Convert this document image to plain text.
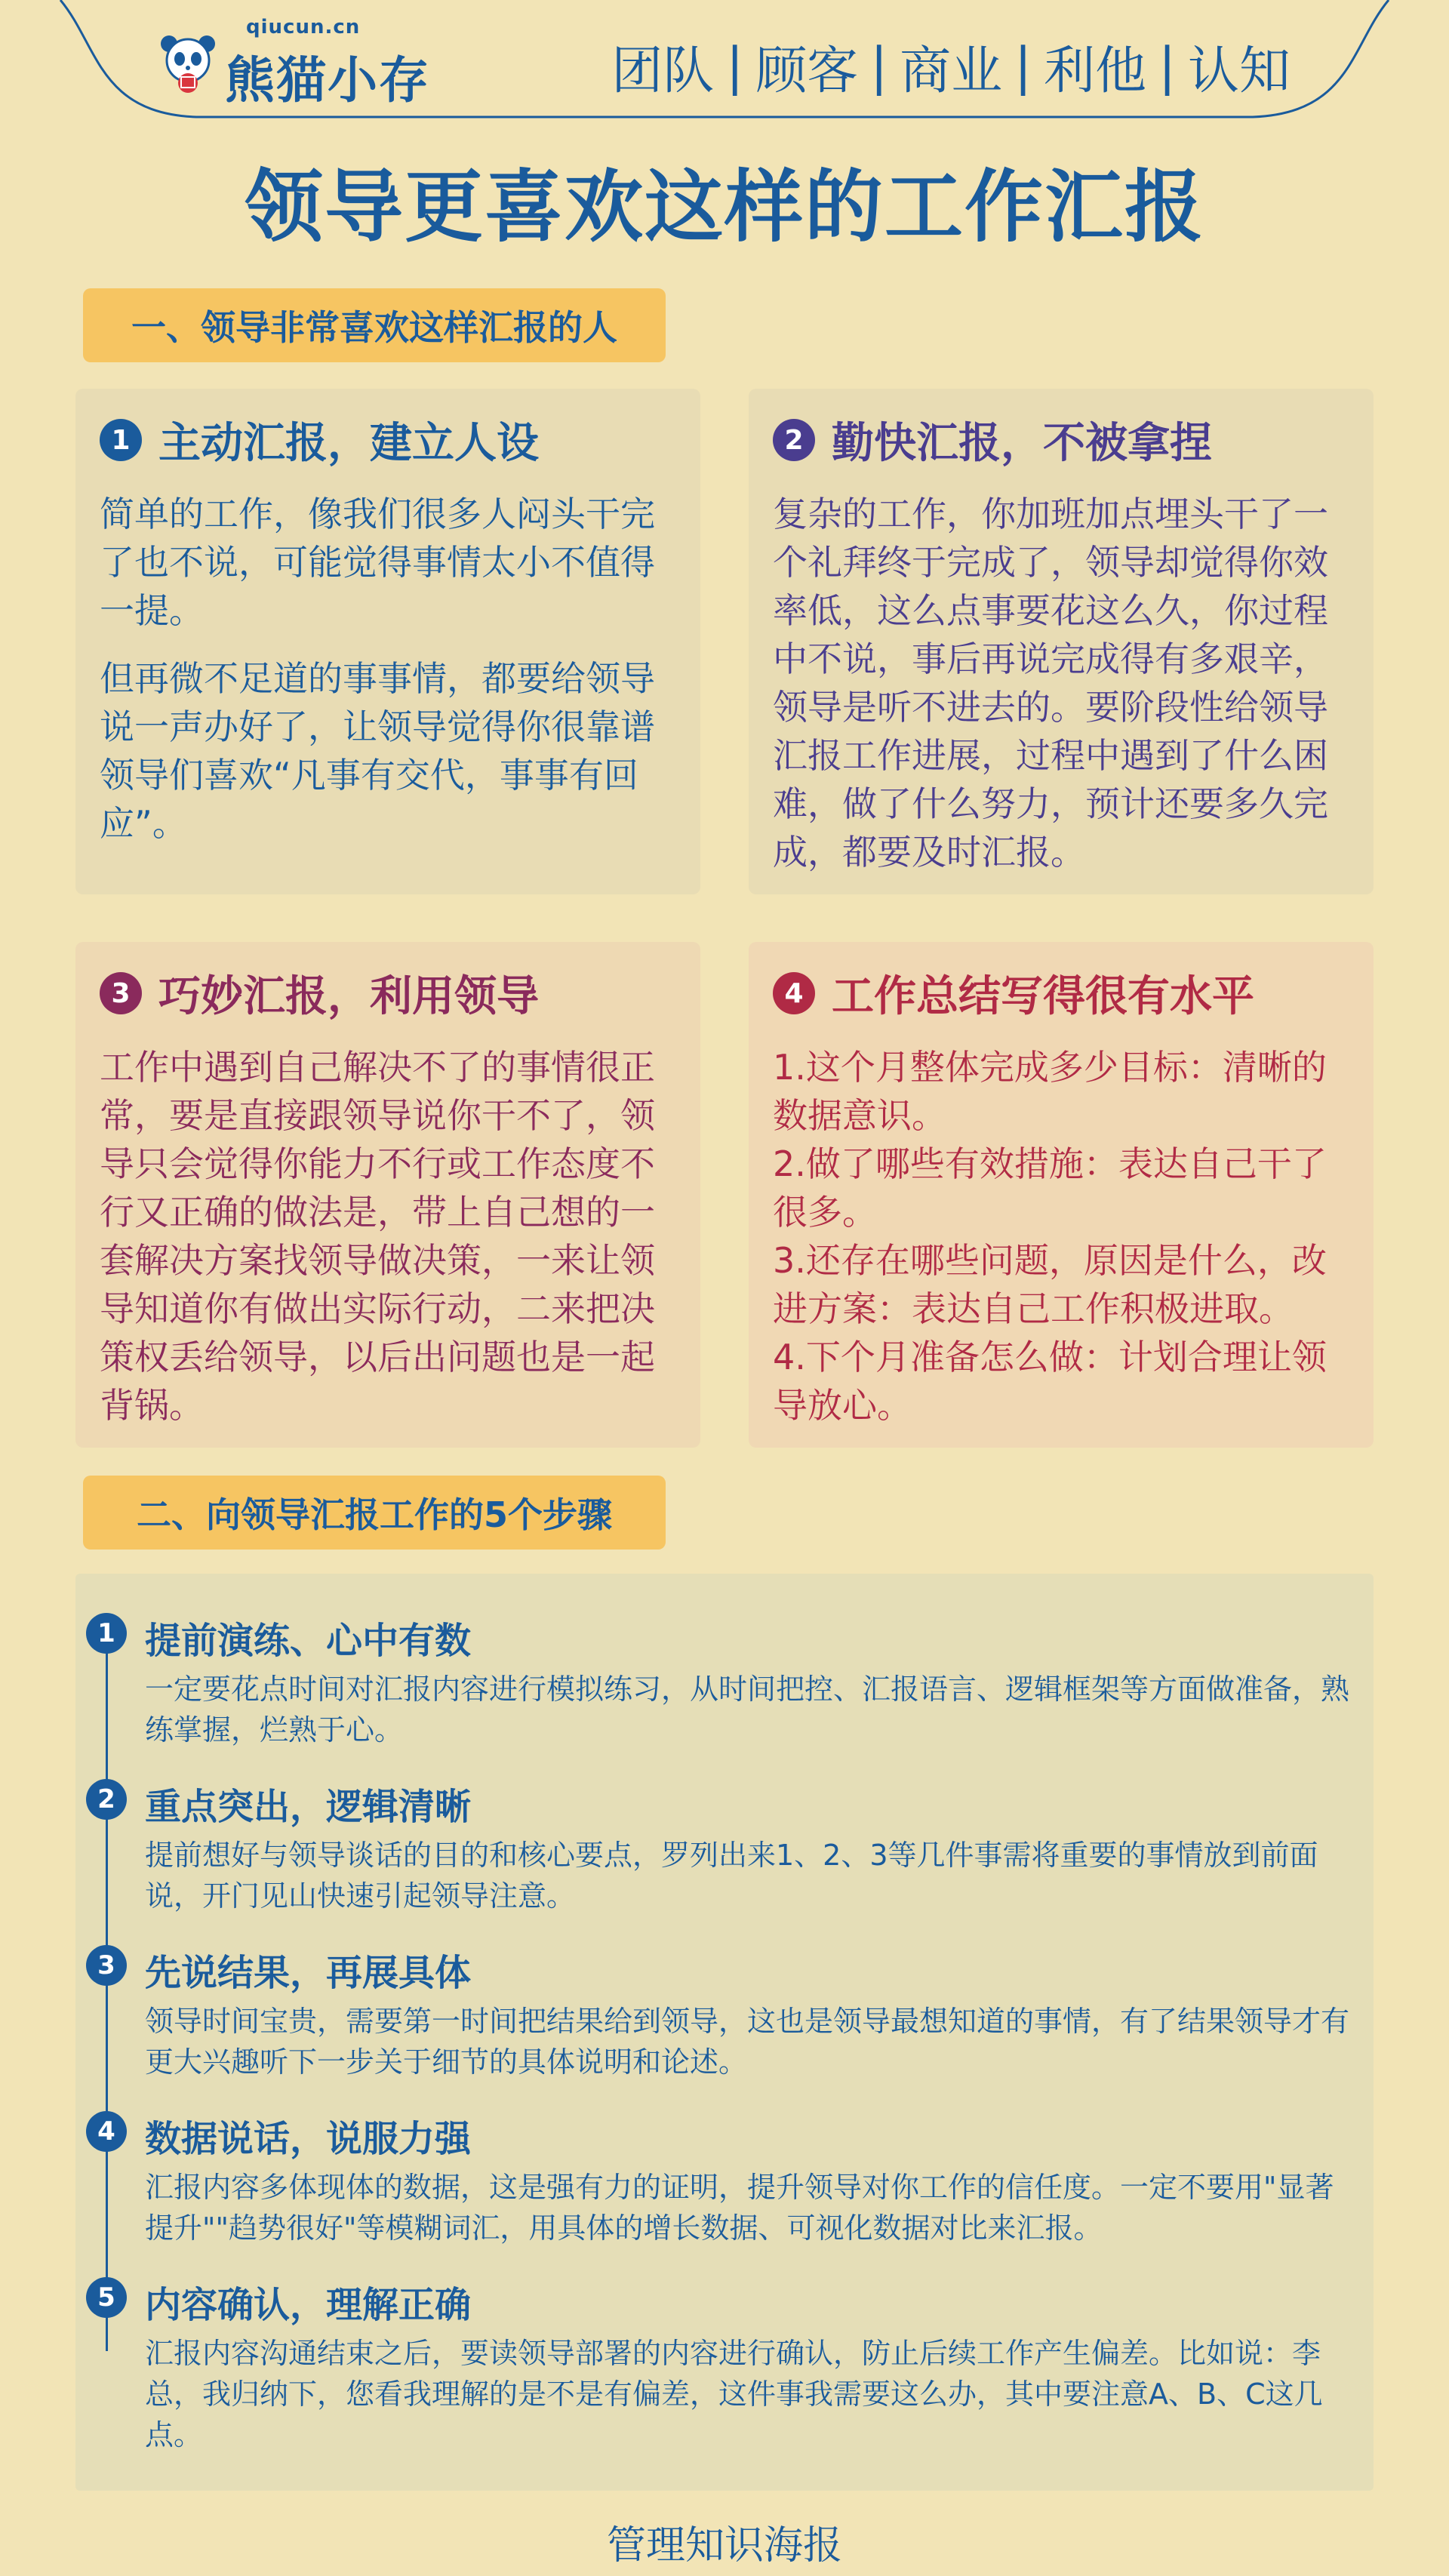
qiucun.cn
熊猫小存	团队 | 顾客 | 商业 | 利他 | 认知
领导更喜欢这样的工作汇报
一、领导非常喜欢这样汇报的人
1 主动汇报，建立人设

简单的工作，像我们很多人闷头干完了也不说，可能觉得事情太小不值得一提。

但再微不足道的事事情，都要给领导说一声办好了，让领导觉得你很靠谱领导们喜欢“凡事有交代，事事有回应”。

2 勤快汇报，不被拿捏

复杂的工作，你加班加点埋头干了一个礼拜终于完成了，领导却觉得你效率低，这么点事要花这么久，你过程中不说，事后再说完成得有多艰辛，领导是听不进去的。要阶段性给领导汇报工作进展，过程中遇到了什么困难，做了什么努力，预计还要多久完成，都要及时汇报。

3 巧妙汇报，利用领导

工作中遇到自己解决不了的事情很正常，要是直接跟领导说你干不了，领导只会觉得你能力不行或工作态度不行又正确的做法是，带上自己想的一套解决方案找领导做决策，一来让领导知道你有做出实际行动，二来把决策权丢给领导，以后出问题也是一起背锅。

4 工作总结写得很有水平

1.这个月整体完成多少目标：清晰的数据意识。

2.做了哪些有效措施：表达自己干了很多。

3.还存在哪些问题，原因是什么，改进方案：表达自己工作积极进取。

4.下个月准备怎么做：计划合理让领导放心。

二、向领导汇报工作的5个步骤
1 提前演练、心中有数
一定要花点时间对汇报内容进行模拟练习，从时间把控、汇报语言、逻辑框架等方面做准备，熟练掌握，烂熟于心。
2 重点突出，逻辑清晰
提前想好与领导谈话的目的和核心要点，罗列出来1、2、3等几件事需将重要的事情放到前面说，开门见山快速引起领导注意。
3 先说结果，再展具体
领导时间宝贵，需要第一时间把结果给到领导，这也是领导最想知道的事情，有了结果领导才有更大兴趣听下一步关于细节的具体说明和论述。
4 数据说话，说服力强
汇报内容多体现体的数据，这是强有力的证明，提升领导对你工作的信任度。一定不要用"显著提升""趋势很好"等模糊词汇，用具体的增长数据、可视化数据对比来汇报。
5 内容确认，理解正确
汇报内容沟通结束之后，要读领导部署的内容进行确认，防止后续工作产生偏差。比如说：李总，我归纳下，您看我理解的是不是有偏差，这件事我需要这么办，其中要注意A、B、C这几点。
管理知识海报
